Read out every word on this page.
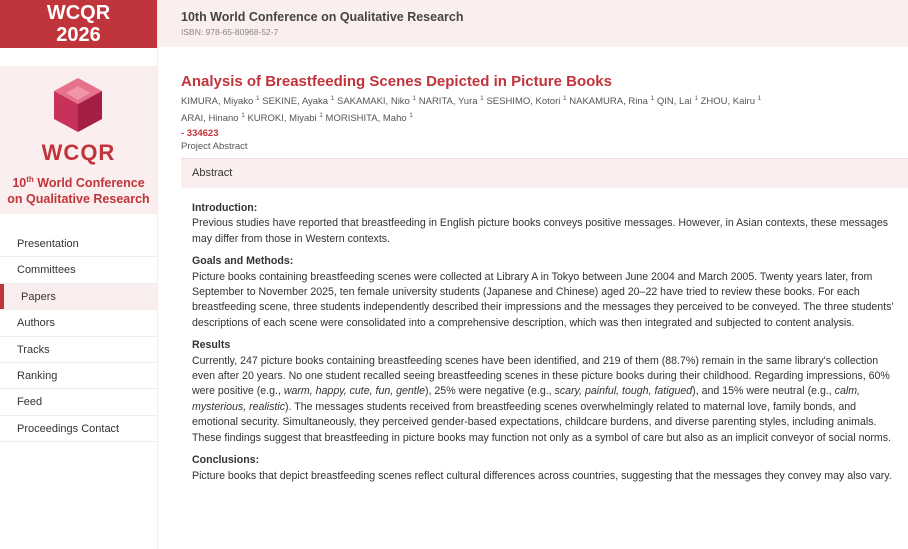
WCQR
2026
WCQR
10th World Conference
on Qualitative Research
Presentation
Committees
Papers
Authors
Tracks
Ranking
Feed
Proceedings Contact
10th World Conference on Qualitative Research
ISBN: 978-65-80968-52-7
Analysis of Breastfeeding Scenes Depicted in Picture Books
KIMURA, Miyako $^1$ SEKINE, Ayaka $^1$ SAKAMAKI, Niko $^1$ NARITA, Yura $^1$ SESHIMO, Kotori $^1$ NAKAMURA, Rina $^1$ QIN, Lai $^1$ ZHOU, Kairu $^1$
ARAI, Hinano $^1$ KUROKI, Miyabi $^1$ MORISHITA, Maho $^1$
- 334623
Project Abstract
Abstract

Introduction:

Previous studies have reported that breastfeeding in English picture books conveys positive messages. However, in Asian contexts, these messages may differ from those in Western contexts.

Goals and Methods:

Picture books containing breastfeeding scenes were collected at Library A in Tokyo between June 2004 and March 2005. Twenty years later, from September to November 2025, ten female university students (Japanese and Chinese) aged 20–22 have tried to review these books. For each breastfeeding scene, three students independently described their impressions and the messages they perceived to be conveyed. The three students' descriptions of each scene were consolidated into a comprehensive description, which was then integrated and subjected to content analysis.

Results

Currently, 247 picture books containing breastfeeding scenes have been identified, and 219 of them (88.7%) remain in the same library's collection even after 20 years. No one student recalled seeing breastfeeding scenes in these picture books during their childhood. Regarding impressions, 60% were positive (e.g., warm, happy, cute, fun, gentle), 25% were negative (e.g., scary, painful, tough, fatigued), and 15% were neutral (e.g., calm, mysterious, realistic). The messages students received from breastfeeding scenes overwhelmingly related to maternal love, family bonds, and emotional security. Simultaneously, they perceived gender-based expectations, childcare burdens, and diverse parenting styles, including animals. These findings suggest that breastfeeding in picture books may function not only as a symbol of care but also as an implicit conveyor of social norms.

Conclusions:

Picture books that depict breastfeeding scenes reflect cultural differences across countries, suggesting that the messages they convey may also vary.
